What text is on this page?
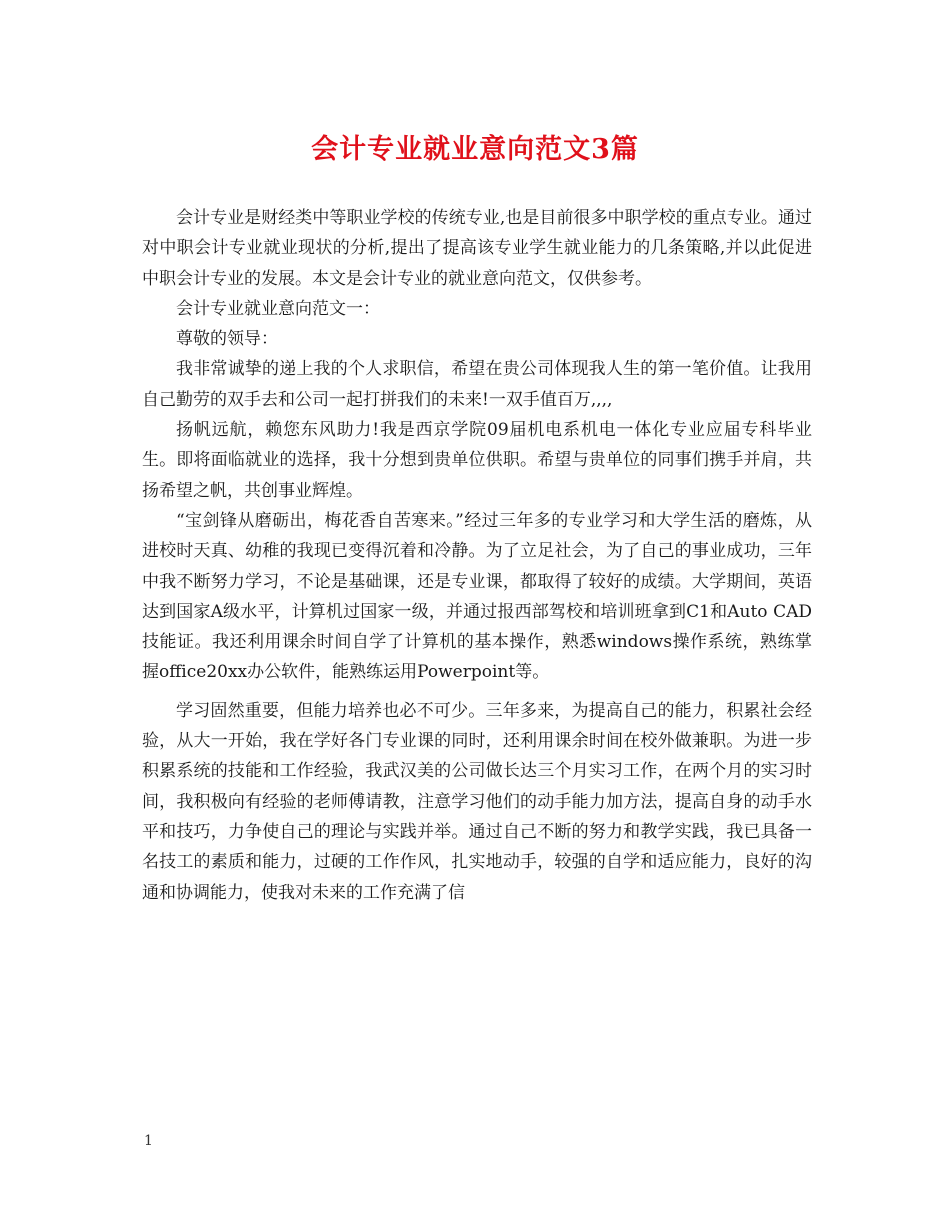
会计专业就业意向范文3篇

会计专业是财经类中等职业学校的传统专业,也是目前很多中职学校的重点专业。通过对中职会计专业就业现状的分析,提出了提高该专业学生就业能力的几条策略,并以此促进中职会计专业的发展。本文是会计专业的就业意向范文，仅供参考。

会计专业就业意向范文一：

尊敬的领导：

我非常诚挚的递上我的个人求职信，希望在贵公司体现我人生的第一笔价值。让我用自己勤劳的双手去和公司一起打拼我们的未来!一双手值百万,,,,

扬帆远航，赖您东风助力!我是西京学院09届机电系机电一体化专业应届专科毕业生。即将面临就业的选择，我十分想到贵单位供职。希望与贵单位的同事们携手并肩，共扬希望之帆，共创事业辉煌。

“宝剑锋从磨砺出，梅花香自苦寒来。”经过三年多的专业学习和大学生活的磨炼，从进校时天真、幼稚的我现已变得沉着和冷静。为了立足社会，为了自己的事业成功，三年中我不断努力学习，不论是基础课，还是专业课，都取得了较好的成绩。大学期间，英语达到国家A级水平，计算机过国家一级，并通过报西部驾校和培训班拿到C1和Auto CAD技能证。我还利用课余时间自学了计算机的基本操作，熟悉windows操作系统，熟练掌握office20xx办公软件，能熟练运用Powerpoint等。

学习固然重要，但能力培养也必不可少。三年多来，为提高自己的能力，积累社会经验，从大一开始，我在学好各门专业课的同时，还利用课余时间在校外做兼职。为进一步积累系统的技能和工作经验，我武汉美的公司做长达三个月实习工作，在两个月的实习时间，我积极向有经验的老师傅请教，注意学习他们的动手能力加方法，提高自身的动手水平和技巧，力争使自己的理论与实践并举。通过自己不断的努力和教学实践，我已具备一名技工的素质和能力，过硬的工作作风，扎实地动手，较强的自学和适应能力，良好的沟通和协调能力，使我对未来的工作充满了信

1
